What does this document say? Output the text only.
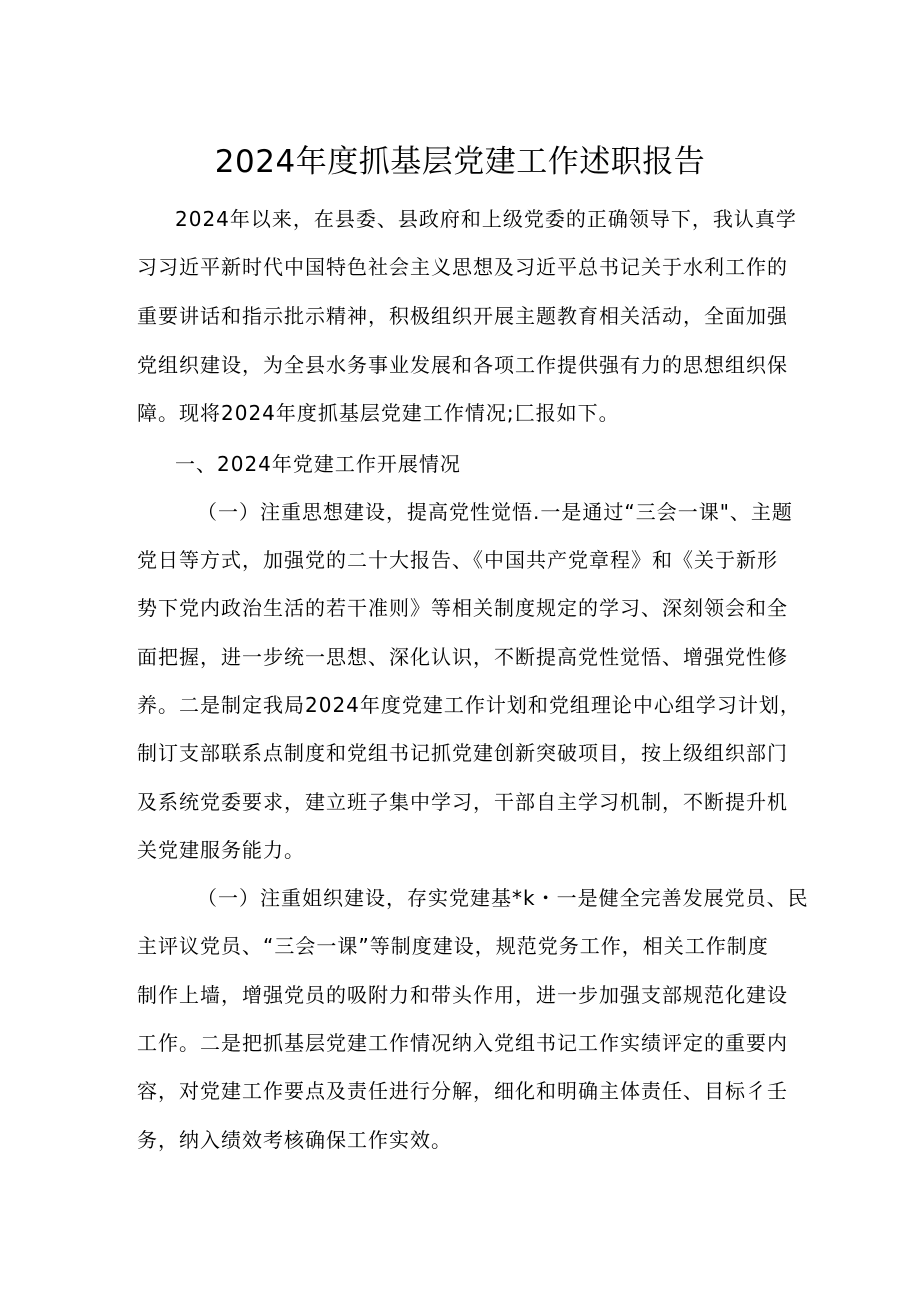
2024年度抓基层党建工作述职报告
2024年以来，在县委、县政府和上级党委的正确领导下，我认真学
习习近平新时代中国特色社会主义思想及习近平总书记关于水利工作的
重要讲话和指示批示精神，积极组织开展主题教育相关活动，全面加强
党组织建设，为全县水务事业发展和各项工作提供强有力的思想组织保
障。现将2024年度抓基层党建工作情况;匚报如下。
一、2024年党建工作开展情况
（一）注重思想建设，提高党性觉悟.一是通过“三会一课"、主题
党日等方式，加强党的二十大报告、《中国共产党章程》和《关于新形
势下党内政治生活的若干准则》等相关制度规定的学习、深刻领会和全
面把握，进一步统一思想、深化认识，不断提高党性觉悟、增强党性修
养。二是制定我局2024年度党建工作计划和党组理论中心组学习计划，
制订支部联系点制度和党组书记抓党建创新突破项目，按上级组织部门
及系统党委要求，建立班子集中学习，干部自主学习机制，不断提升机
关党建服务能力。
（一）注重姐织建设，存实党建基*k・一是健全完善发展党员、民
主评议党员、“三会一课”等制度建设，规范党务工作，相关工作制度
制作上墙，增强党员的吸附力和带头作用，进一步加强支部规范化建设
工作。二是把抓基层党建工作情况纳入党组书记工作实绩评定的重要内
容，对党建工作要点及责任进行分解，细化和明确主体责任、目标彳壬
务，纳入绩效考核确保工作实效。
